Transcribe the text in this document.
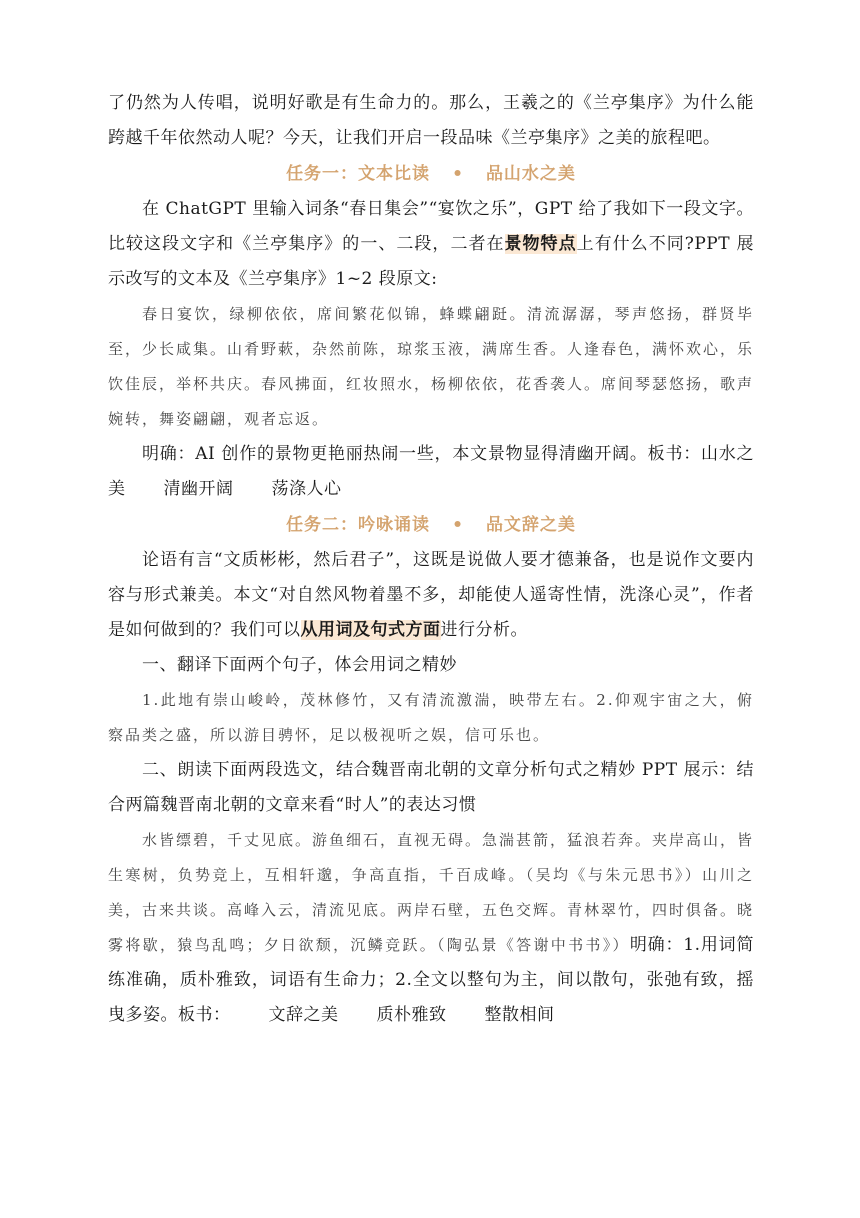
了仍然为人传唱，说明好歌是有生命力的。那么，王羲之的《兰亭集序》为什么能跨越千年依然动人呢？今天，让我们开启一段品味《兰亭集序》之美的旅程吧。

任务一：文本比读 • 品山水之美

在 ChatGPT 里输入词条“春日集会”“宴饮之乐”，GPT 给了我如下一段文字。比较这段文字和《兰亭集序》的一、二段，二者在景物特点上有什么不同?PPT 展示改写的文本及《兰亭集序》1~2 段原文:

春日宴饮，绿柳依依，席间繁花似锦，蜂蝶翩跹。清流潺潺，琴声悠扬，群贤毕至，少长咸集。山肴野蔌，杂然前陈，琼浆玉液，满席生香。人逢春色，满怀欢心，乐饮佳辰，举杯共庆。春风拂面，红妆照水，杨柳依依，花香袭人。席间琴瑟悠扬，歌声婉转，舞姿翩翩，观者忘返。

明确：AI 创作的景物更艳丽热闹一些，本文景物显得清幽开阔。板书：山水之美 清幽开阔 荡涤人心

任务二：吟咏诵读 • 品文辞之美

论语有言“文质彬彬，然后君子”，这既是说做人要才德兼备，也是说作文要内容与形式兼美。本文“对自然风物着墨不多，却能使人遥寄性情，洗涤心灵”，作者是如何做到的？我们可以从用词及句式方面进行分析。

一、翻译下面两个句子，体会用词之精妙

1.此地有崇山峻岭，茂林修竹，又有清流激湍，映带左右。2.仰观宇宙之大，俯察品类之盛，所以游目骋怀，足以极视听之娱，信可乐也。

二、朗读下面两段选文，结合魏晋南北朝的文章分析句式之精妙 PPT 展示：结合两篇魏晋南北朝的文章来看“时人”的表达习惯

水皆缥碧，千丈见底。游鱼细石，直视无碍。急湍甚箭，猛浪若奔。夹岸高山，皆生寒树，负势竞上，互相轩邈，争高直指，千百成峰。（吴均《与朱元思书》）山川之美，古来共谈。高峰入云，清流见底。两岸石壁，五色交辉。青林翠竹，四时俱备。晓雾将歇，猿鸟乱鸣；夕日欲颓，沉鳞竞跃。（陶弘景《答谢中书书》）明确：1.用词简练准确，质朴雅致，词语有生命力；2.全文以整句为主，间以散句，张弛有致，摇曳多姿。板书： 文辞之美 质朴雅致 整散相间
